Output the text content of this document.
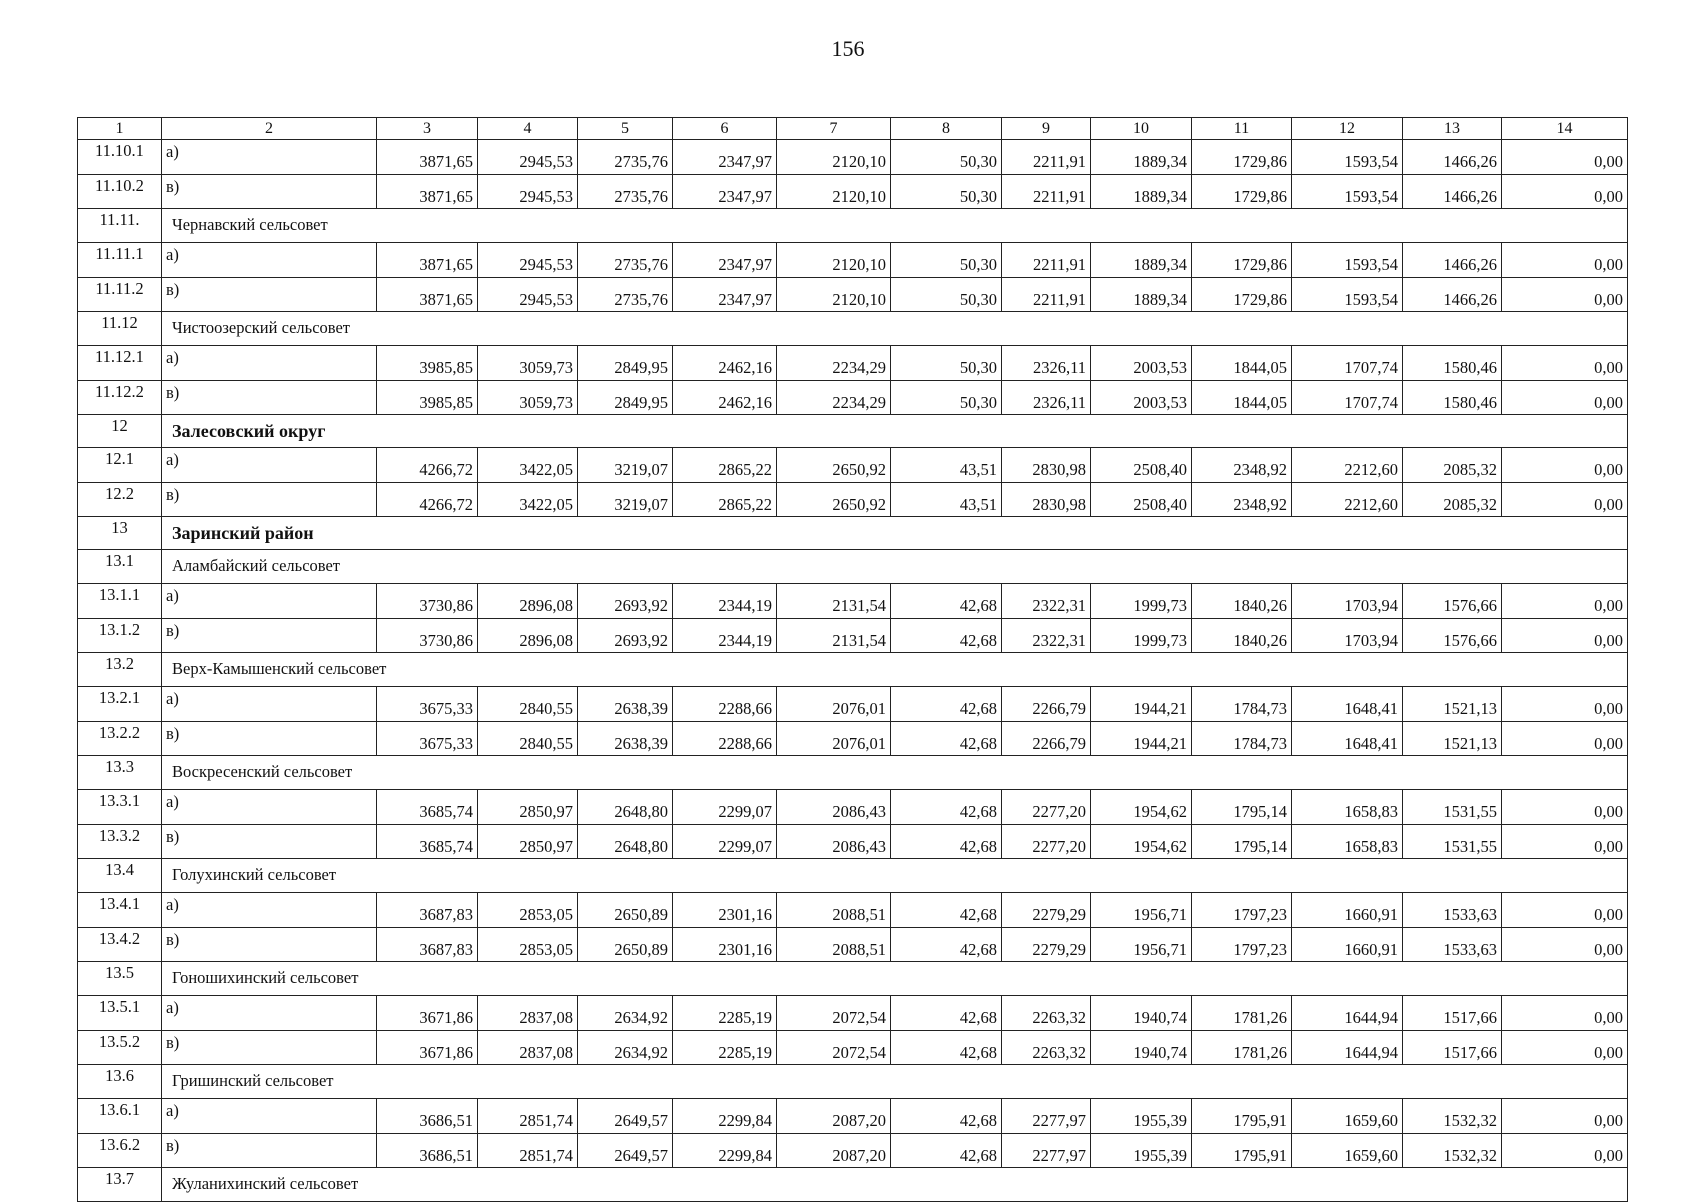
156
1	2	3	4	5	6	7	8	9	10	11	12	13	14
11.10.1	а)	3871,65	2945,53	2735,76	2347,97	2120,10	50,30	2211,91	1889,34	1729,86	1593,54	1466,26	0,00
11.10.2	в)	3871,65	2945,53	2735,76	2347,97	2120,10	50,30	2211,91	1889,34	1729,86	1593,54	1466,26	0,00
11.11.	Чернавский сельсовет												
11.11.1	а)	3871,65	2945,53	2735,76	2347,97	2120,10	50,30	2211,91	1889,34	1729,86	1593,54	1466,26	0,00
11.11.2	в)	3871,65	2945,53	2735,76	2347,97	2120,10	50,30	2211,91	1889,34	1729,86	1593,54	1466,26	0,00
11.12	Чистоозерский сельсовет												
11.12.1	а)	3985,85	3059,73	2849,95	2462,16	2234,29	50,30	2326,11	2003,53	1844,05	1707,74	1580,46	0,00
11.12.2	в)	3985,85	3059,73	2849,95	2462,16	2234,29	50,30	2326,11	2003,53	1844,05	1707,74	1580,46	0,00
12	Залесовский округ												
12.1	а)	4266,72	3422,05	3219,07	2865,22	2650,92	43,51	2830,98	2508,40	2348,92	2212,60	2085,32	0,00
12.2	в)	4266,72	3422,05	3219,07	2865,22	2650,92	43,51	2830,98	2508,40	2348,92	2212,60	2085,32	0,00
13	Заринский район												
13.1	Аламбайский сельсовет												
13.1.1	а)	3730,86	2896,08	2693,92	2344,19	2131,54	42,68	2322,31	1999,73	1840,26	1703,94	1576,66	0,00
13.1.2	в)	3730,86	2896,08	2693,92	2344,19	2131,54	42,68	2322,31	1999,73	1840,26	1703,94	1576,66	0,00
13.2	Верх-Камышенский сельсовет												
13.2.1	а)	3675,33	2840,55	2638,39	2288,66	2076,01	42,68	2266,79	1944,21	1784,73	1648,41	1521,13	0,00
13.2.2	в)	3675,33	2840,55	2638,39	2288,66	2076,01	42,68	2266,79	1944,21	1784,73	1648,41	1521,13	0,00
13.3	Воскресенский сельсовет												
13.3.1	а)	3685,74	2850,97	2648,80	2299,07	2086,43	42,68	2277,20	1954,62	1795,14	1658,83	1531,55	0,00
13.3.2	в)	3685,74	2850,97	2648,80	2299,07	2086,43	42,68	2277,20	1954,62	1795,14	1658,83	1531,55	0,00
13.4	Голухинский сельсовет												
13.4.1	а)	3687,83	2853,05	2650,89	2301,16	2088,51	42,68	2279,29	1956,71	1797,23	1660,91	1533,63	0,00
13.4.2	в)	3687,83	2853,05	2650,89	2301,16	2088,51	42,68	2279,29	1956,71	1797,23	1660,91	1533,63	0,00
13.5	Гоношихинский сельсовет												
13.5.1	а)	3671,86	2837,08	2634,92	2285,19	2072,54	42,68	2263,32	1940,74	1781,26	1644,94	1517,66	0,00
13.5.2	в)	3671,86	2837,08	2634,92	2285,19	2072,54	42,68	2263,32	1940,74	1781,26	1644,94	1517,66	0,00
13.6	Гришинский сельсовет												
13.6.1	а)	3686,51	2851,74	2649,57	2299,84	2087,20	42,68	2277,97	1955,39	1795,91	1659,60	1532,32	0,00
13.6.2	в)	3686,51	2851,74	2649,57	2299,84	2087,20	42,68	2277,97	1955,39	1795,91	1659,60	1532,32	0,00
13.7	Жуланихинский сельсовет												
